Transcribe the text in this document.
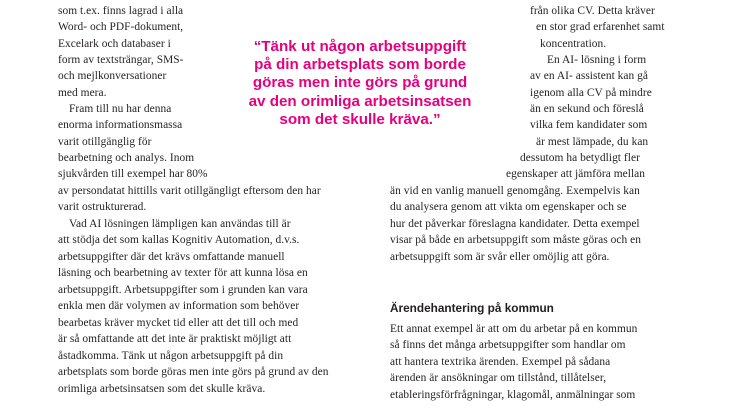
som t.ex. finns lagrad i alla
Word- och PDF-dokument,
Excelark och databaser i
form av textsträngar, SMS-
och mejlkonversationer
med mera.
Fram till nu har denna
enorma informationsmassa
varit otillgänglig för
bearbetning och analys. Inom
sjukvården till exempel har 80%
av persondatat hittills varit otillgängligt eftersom den har
varit ostrukturerad.
Vad AI lösningen lämpligen kan användas till är
att stödja det som kallas Kognitiv Automation, d.v.s.
arbetsuppgifter där det krävs omfattande manuell
läsning och bearbetning av texter för att kunna lösa en
arbetsuppgift. Arbetsuppgifter som i grunden kan vara
enkla men där volymen av information som behöver
bearbetas kräver mycket tid eller att det till och med
är så omfattande att det inte är praktiskt möjligt att
åstadkomma. Tänk ut någon arbetsuppgift på din
arbetsplats som borde göras men inte görs på grund av den
orimliga arbetsinsatsen som det skulle kräva.
“Tänk ut någon arbetsuppgift
på din arbetsplats som borde
göras men inte görs på grund
av den orimliga arbetsinsatsen
som det skulle kräva.”
från olika CV. Detta kräver
en stor grad erfarenhet samt
koncentration.
En AI- lösning i form
av en AI- assistent kan gå
igenom alla CV på mindre
än en sekund och föreslå
vilka fem kandidater som
är mest lämpade, du kan
dessutom ha betydligt fler
egenskaper att jämföra mellan
än vid en vanlig manuell genomgång. Exempelvis kan
du analysera genom att vikta om egenskaper och se
hur det påverkar föreslagna kandidater. Detta exempel
visar på både en arbetsuppgift som måste göras och en
arbetsuppgift som är svår eller omöjlig att göra.
Ärendehantering på kommun
Ett annat exempel är att om du arbetar på en kommun
så finns det många arbetsuppgifter som handlar om
att hantera textrika ärenden. Exempel på sådana
ärenden är ansökningar om tillstånd, tillåtelser,
etableringsförfrågningar, klagomål, anmälningar som
